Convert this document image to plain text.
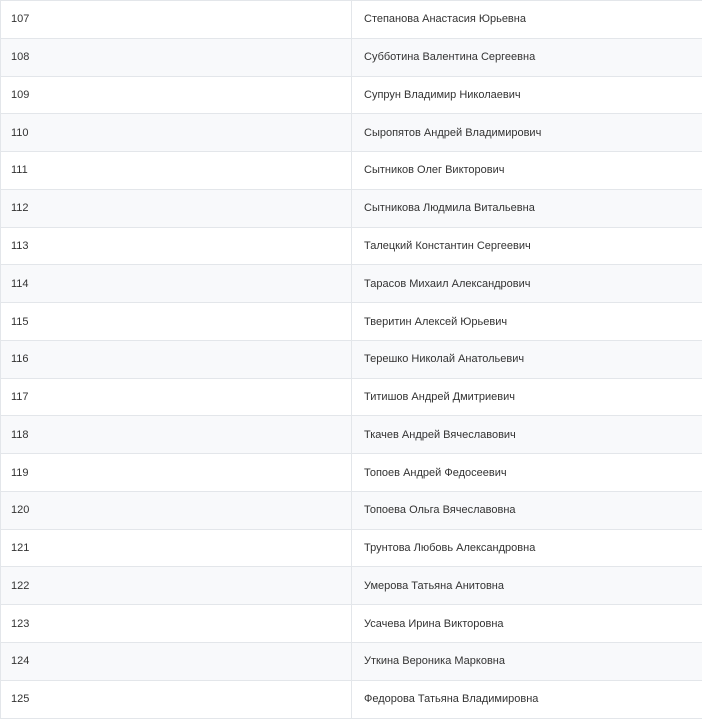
107	Степанова Анастасия Юрьевна
108	Субботина Валентина Сергеевна
109	Супрун Владимир Николаевич
110	Сыропятов Андрей Владимирович
111	Сытников Олег Викторович
112	Сытникова Людмила Витальевна
113	Талецкий Константин Сергеевич
114	Тарасов Михаил Александрович
115	Тверитин Алексей Юрьевич
116	Терешко Николай Анатольевич
117	Титишов Андрей Дмитриевич
118	Ткачев Андрей Вячеславович
119	Топоев Андрей Федосеевич
120	Топоева Ольга Вячеславовна
121	Трунтова Любовь Александровна
122	Умерова Татьяна Анитовна
123	Усачева Ирина Викторовна
124	Уткина Вероника Марковна
125	Федорова Татьяна Владимировна
